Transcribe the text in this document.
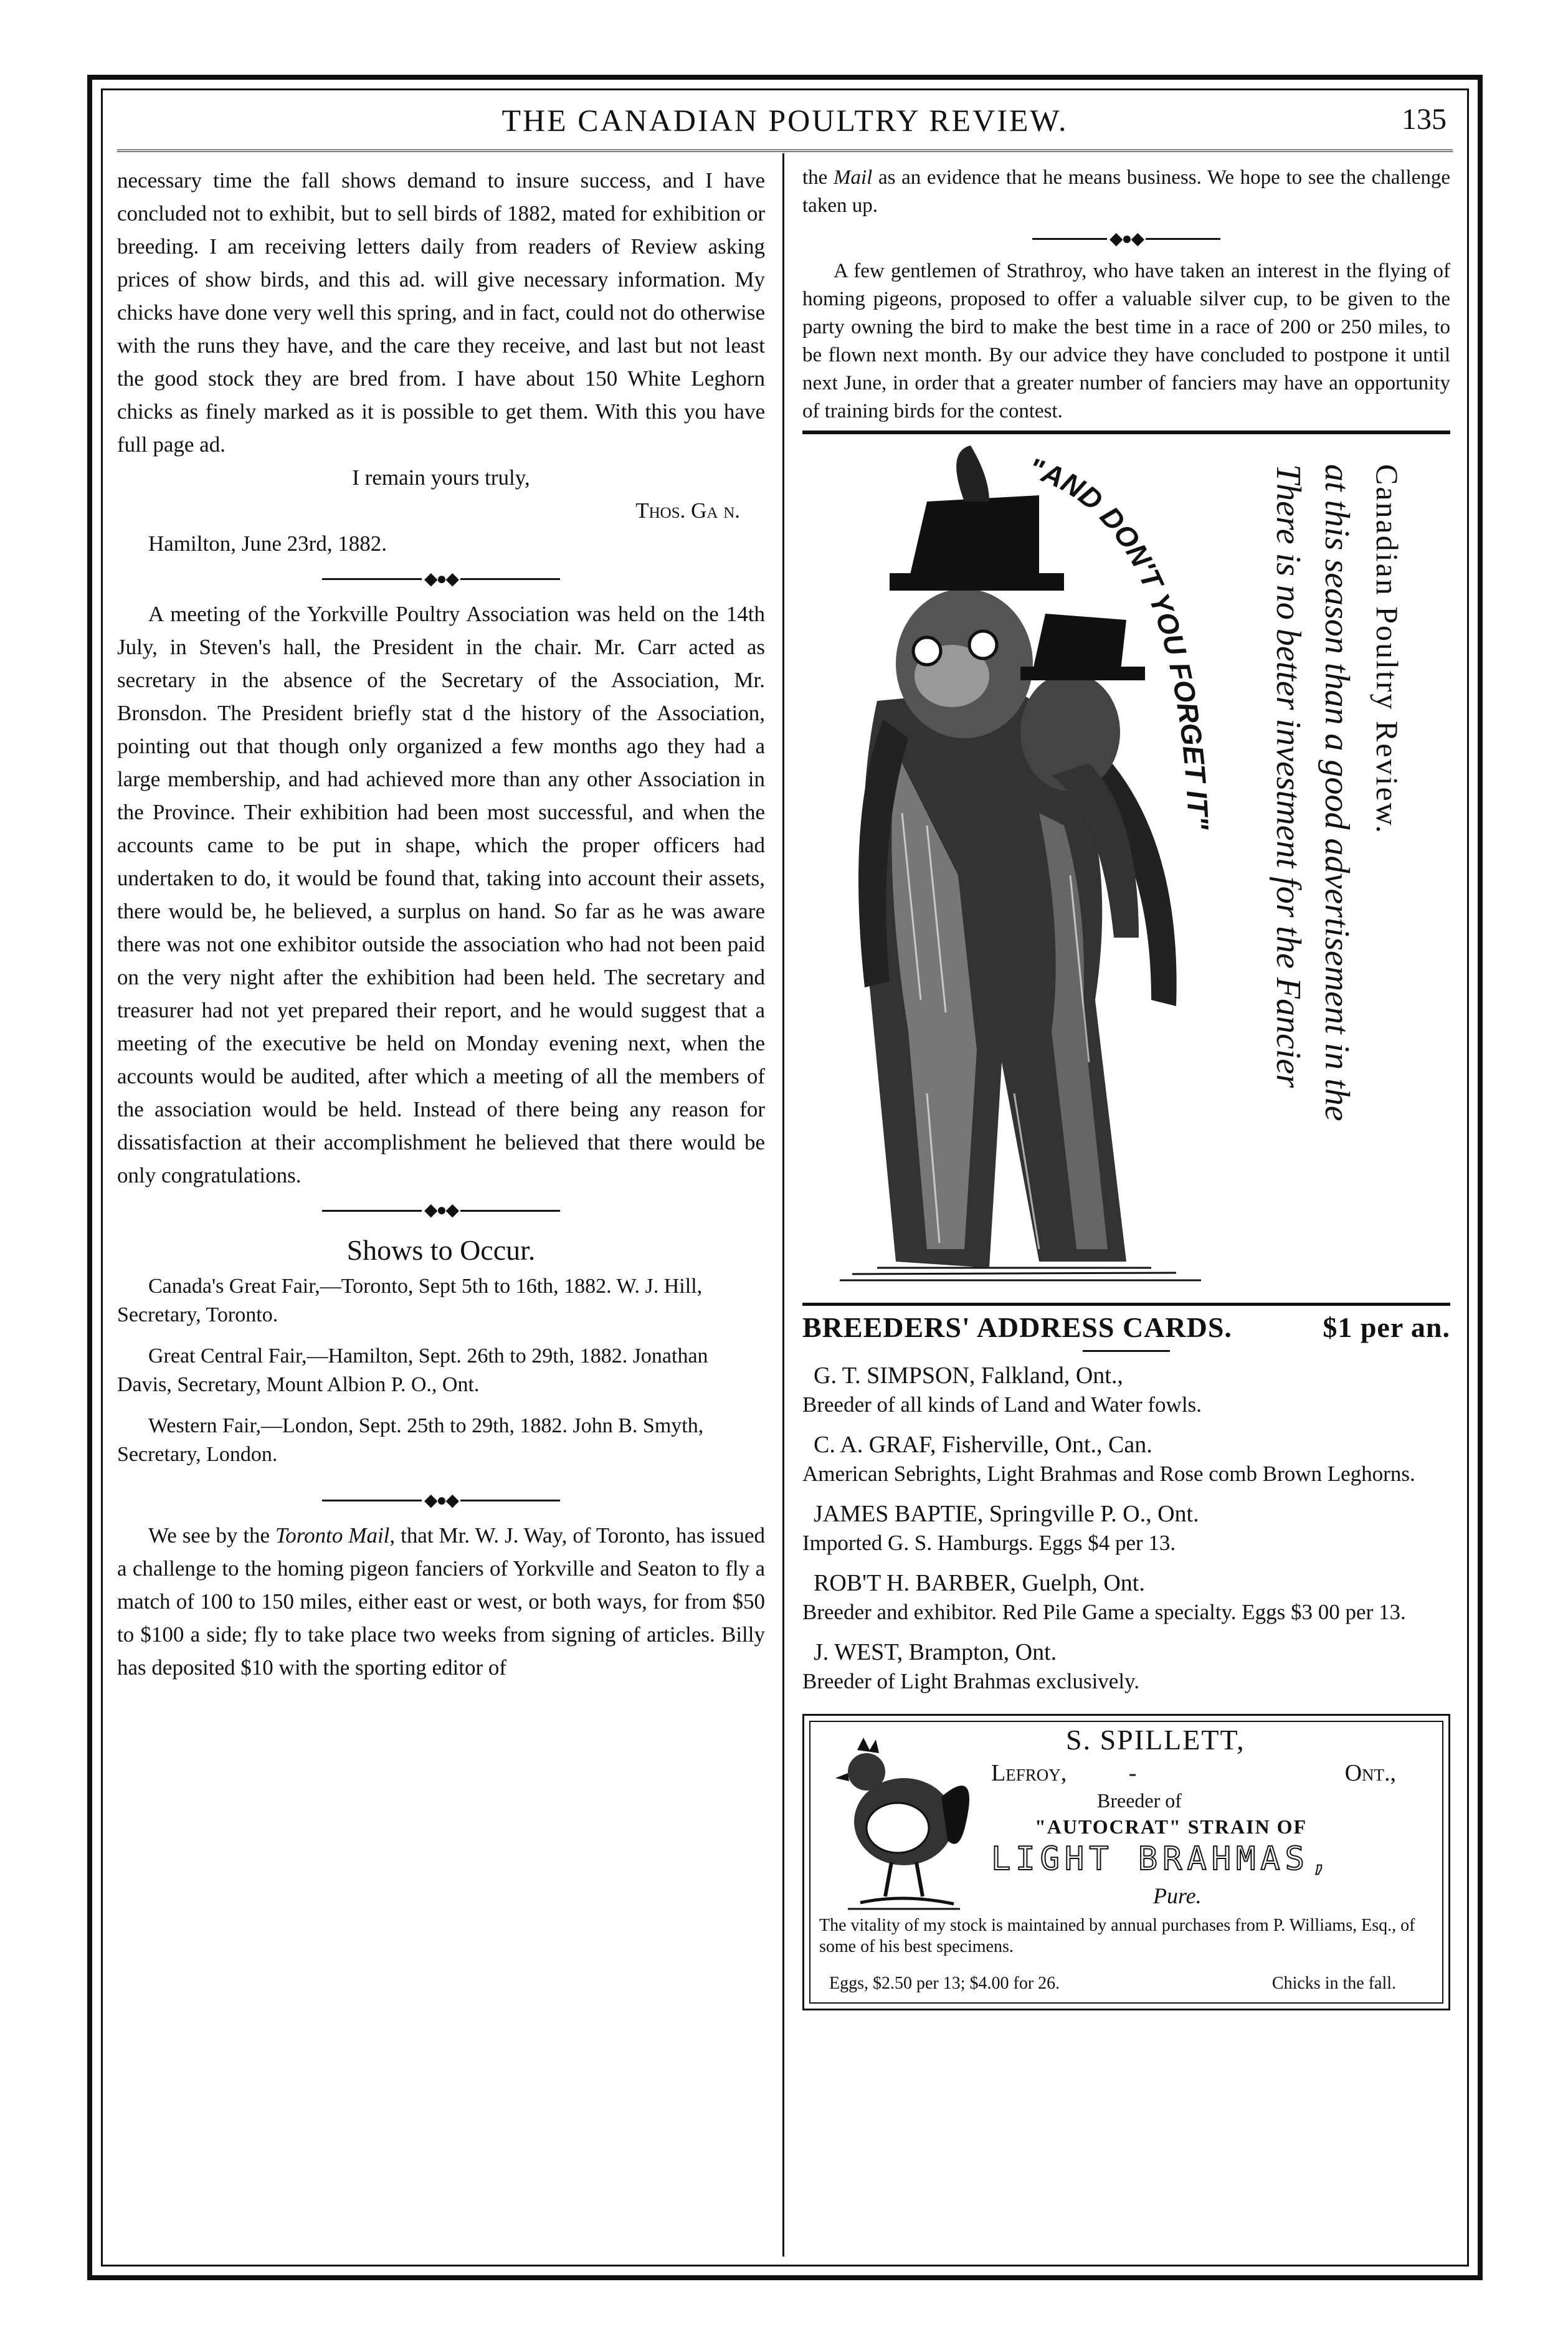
THE CANADIAN POULTRY REVIEW.	135

necessary time the fall shows demand to insure success, and I have concluded not to exhibit, but to sell birds of 1882, mated for exhibition or breeding. I am receiving letters daily from readers of Review asking prices of show birds, and this ad. will give necessary information. My chicks have done very well this spring, and in fact, could not do otherwise with the runs they have, and the care they receive, and last but not least the good stock they are bred from. I have about 150 White Leghorn chicks as finely marked as it is possible to get them. With this you have full page ad.

I remain yours truly,
Thos. Ga n.
Hamilton, June 23rd, 1882.
◆●◆

A meeting of the Yorkville Poultry Association was held on the 14th July, in Steven's hall, the President in the chair. Mr. Carr acted as secretary in the absence of the Secretary of the Association, Mr. Bronsdon. The President briefly stat d the history of the Association, pointing out that though only organized a few months ago they had a large membership, and had achieved more than any other Association in the Province. Their exhibition had been most successful, and when the accounts came to be put in shape, which the proper officers had undertaken to do, it would be found that, taking into account their assets, there would be, he believed, a surplus on hand. So far as he was aware there was not one exhibitor outside the association who had not been paid on the very night after the exhibition had been held. The secretary and treasurer had not yet prepared their report, and he would suggest that a meeting of the executive be held on Monday evening next, when the accounts would be audited, after which a meeting of all the members of the association would be held. Instead of there being any reason for dissatisfaction at their accomplishment he believed that there would be only congratulations.

◆●◆
Shows to Occur.
Canada's Great Fair,—Toronto, Sept 5th to 16th, 1882. W. J. Hill, Secretary, Toronto.
Great Central Fair,—Hamilton, Sept. 26th to 29th, 1882. Jonathan Davis, Secretary, Mount Albion P. O., Ont.
Western Fair,—London, Sept. 25th to 29th, 1882. John B. Smyth, Secretary, London.
◆●◆

We see by the Toronto Mail, that Mr. W. J. Way, of Toronto, has issued a challenge to the homing pigeon fanciers of Yorkville and Seaton to fly a match of 100 to 150 miles, either east or west, or both ways, for from $50 to $100 a side; fly to take place two weeks from signing of articles. Billy has deposited $10 with the sporting editor of

the Mail as an evidence that he means business. We hope to see the challenge taken up.

◆●◆

A few gentlemen of Strathroy, who have taken an interest in the flying of homing pigeons, proposed to offer a valuable silver cup, to be given to the party owning the bird to make the best time in a race of 200 or 250 miles, to be flown next month. By our advice they have concluded to postpone it until next June, in order that a greater number of fanciers may have an opportunity of training birds for the contest.

"AND DON'T YOU FORGET IT" There is no better investment for the Fancier at this season than a good advertisement in the Canadian Poultry Review.
BREEDERS' ADDRESS CARDS.	$1 per an.
G. T. SIMPSON, Falkland, Ont.,
Breeder of all kinds of Land and Water fowls.
C. A. GRAF, Fisherville, Ont., Can.
American Sebrights, Light Brahmas and Rose comb Brown Leghorns.
JAMES BAPTIE, Springville P. O., Ont.
Imported G. S. Hamburgs. Eggs $4 per 13.
ROB'T H. BARBER, Guelph, Ont.
Breeder and exhibitor. Red Pile Game a specialty. Eggs $3 00 per 13.
J. WEST, Brampton, Ont.
Breeder of Light Brahmas exclusively.
S. SPILLETT,
Lefroy,	-	Ont.,
Breeder of
"AUTOCRAT" STRAIN OF
LIGHT BRAHMAS,
Pure.
The vitality of my stock is maintained by annual purchases from P. Williams, Esq., of some of his best specimens.
Eggs, $2.50 per 13; $4.00 for 26.	Chicks in the fall.
